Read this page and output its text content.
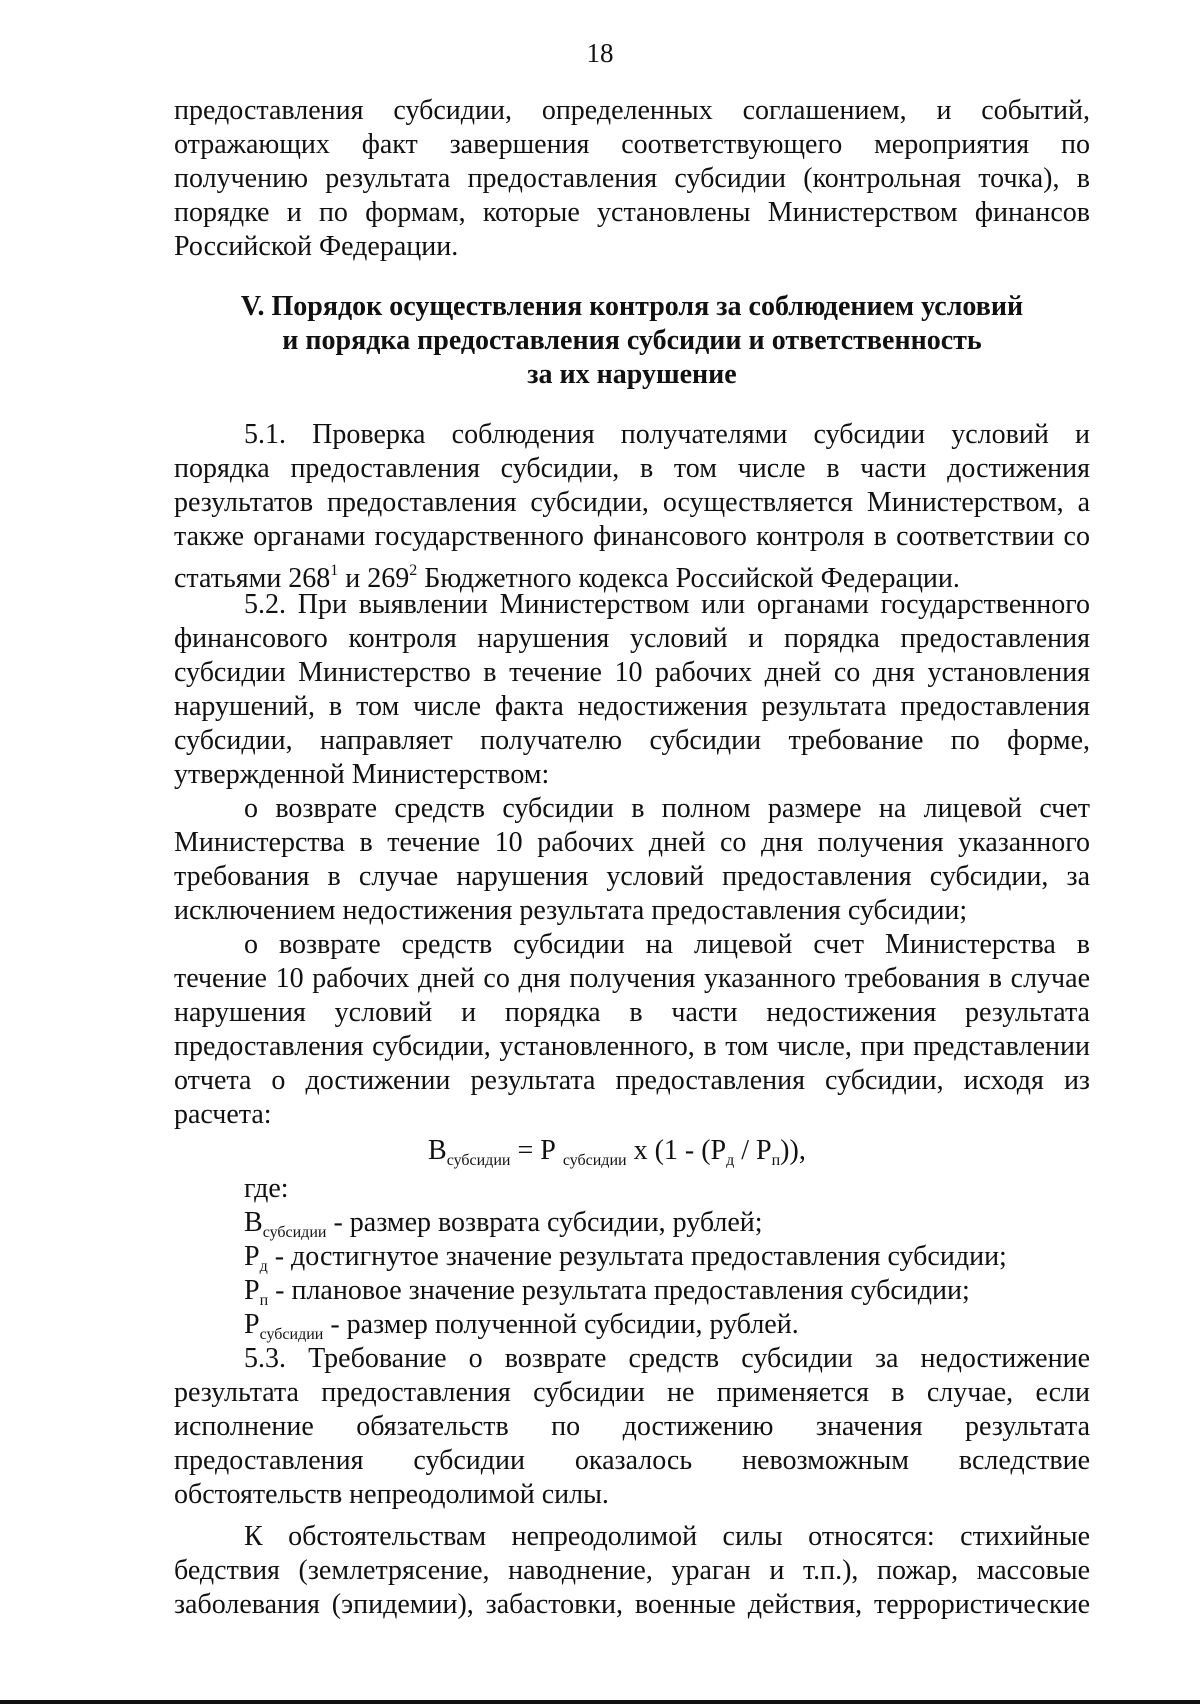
18
предоставления субсидии, определенных соглашением, и событий,
отражающих факт завершения соответствующего мероприятия по
получению результата предоставления субсидии (контрольная точка), в
порядке и по формам, которые установлены Министерством финансов
Российской Федерации.
V. Порядок осуществления контроля за соблюдением условий
и порядка предоставления субсидии и ответственность
за их нарушение
5.1. Проверка соблюдения получателями субсидии условий и
порядка предоставления субсидии, в том числе в части достижения
результатов предоставления субсидии, осуществляется Министерством, а
также органами государственного финансового контроля в соответствии со
статьями $268^1$ и $269^2$ Бюджетного кодекса Российской Федерации.
5.2. При выявлении Министерством или органами государственного
финансового контроля нарушения условий и порядка предоставления
субсидии Министерство в течение 10 рабочих дней со дня установления
нарушений, в том числе факта недостижения результата предоставления
субсидии, направляет получателю субсидии требование по форме,
утвержденной Министерством:
о возврате средств субсидии в полном размере на лицевой счет
Министерства в течение 10 рабочих дней со дня получения указанного
требования в случае нарушения условий предоставления субсидии, за
исключением недостижения результата предоставления субсидии;
о возврате средств субсидии на лицевой счет Министерства в
течение 10 рабочих дней со дня получения указанного требования в случае
нарушения условий и порядка в части недостижения результата
предоставления субсидии, установленного, в том числе, при представлении
отчета о достижении результата предоставления субсидии, исходя из
расчета:
$В_{субсидии} = Р$ $_{субсидии}$ х $(1 - (Р_д / Р_п))$,
где:
$В_{субсидии}$ - размер возврата субсидии, рублей;
$Р_д$ - достигнутое значение результата предоставления субсидии;
$Р_п$ - плановое значение результата предоставления субсидии;
$Р_{субсидии}$ - размер полученной субсидии, рублей.
5.3. Требование о возврате средств субсидии за недостижение
результата предоставления субсидии не применяется в случае, если
исполнение обязательств по достижению значения результата
предоставления субсидии оказалось невозможным вследствие
обстоятельств непреодолимой силы.
К обстоятельствам непреодолимой силы относятся: стихийные
бедствия (землетрясение, наводнение, ураган и т.п.), пожар, массовые
заболевания (эпидемии), забастовки, военные действия, террористические
